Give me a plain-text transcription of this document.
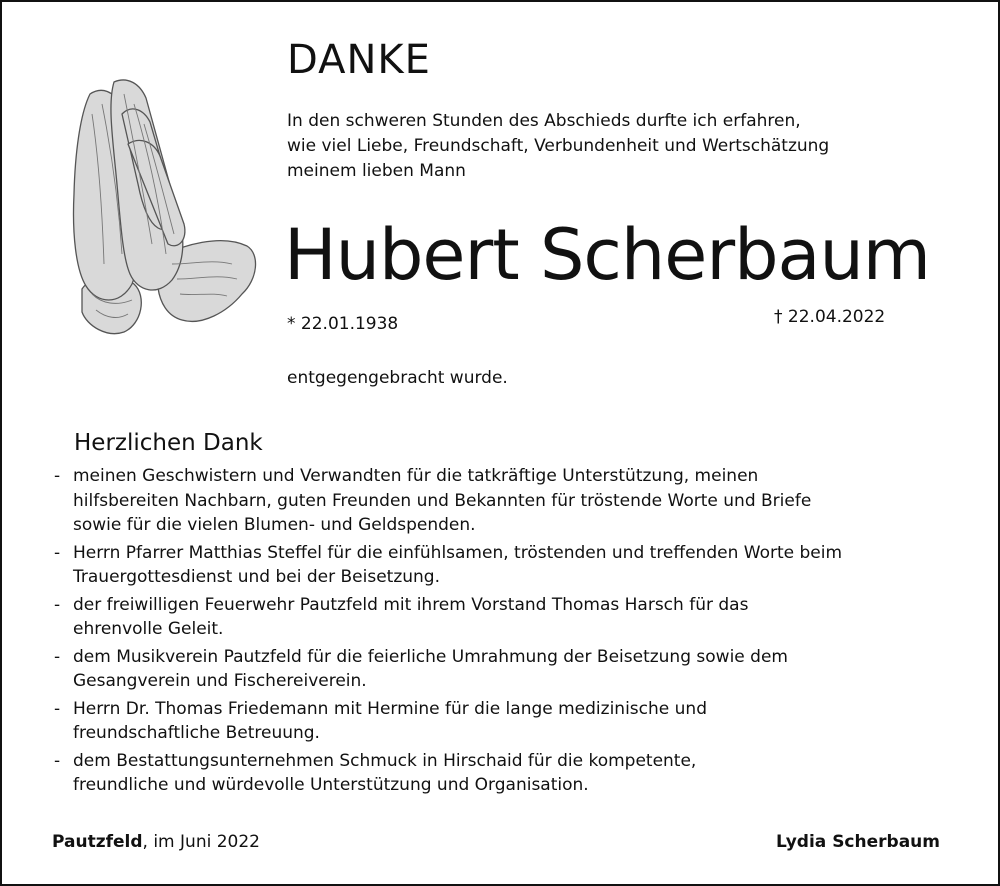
DANKE
In den schweren Stunden des Abschieds durfte ich erfahren,
wie viel Liebe, Freundschaft, Verbundenheit und Wertschätzung
meinem lieben Mann
Hubert Scherbaum
* 22.01.1938	† 22.04.2022
entgegengebracht wurde.
Herzlichen Dank
- meinen Geschwistern und Verwandten für die tatkräftige Unterstützung, meinen
hilfsbereiten Nachbarn, guten Freunden und Bekannten für tröstende Worte und Briefe
sowie für die vielen Blumen- und Geldspenden.
- Herrn Pfarrer Matthias Steffel für die einfühlsamen, tröstenden und treffenden Worte beim
Trauergottesdienst und bei der Beisetzung.
- der freiwilligen Feuerwehr Pautzfeld mit ihrem Vorstand Thomas Harsch für das
ehrenvolle Geleit.
- dem Musikverein Pautzfeld für die feierliche Umrahmung der Beisetzung sowie dem
Gesangverein und Fischereiverein.
- Herrn Dr. Thomas Friedemann mit Hermine für die lange medizinische und
freundschaftliche Betreuung.
- dem Bestattungsunternehmen Schmuck in Hirschaid für die kompetente,
freundliche und würdevolle Unterstützung und Organisation.
Pautzfeld, im Juni 2022	Lydia Scherbaum
